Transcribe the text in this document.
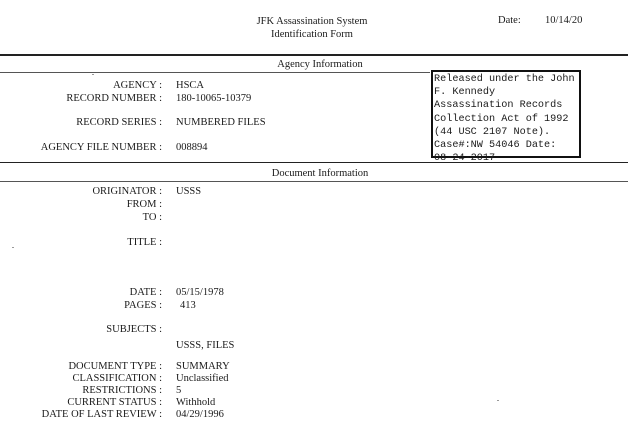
JFK Assassination System
Identification Form
Date: 10/14/20
Agency Information
AGENCY : HSCA
RECORD NUMBER : 180-10065-10379
RECORD SERIES : NUMBERED FILES
AGENCY FILE NUMBER : 008894
Released under the John
F. Kennedy
Assassination Records
Collection Act of 1992
(44 USC 2107 Note).
Case#:NW 54046 Date:
08-24-2017
Document Information
ORIGINATOR : USSS
FROM :
TO :
TITLE :
DATE : 05/15/1978
PAGES : 413
SUBJECTS :
USSS, FILES
DOCUMENT TYPE : SUMMARY
CLASSIFICATION : Unclassified
RESTRICTIONS : 5
CURRENT STATUS : Withhold
DATE OF LAST REVIEW : 04/29/1996
